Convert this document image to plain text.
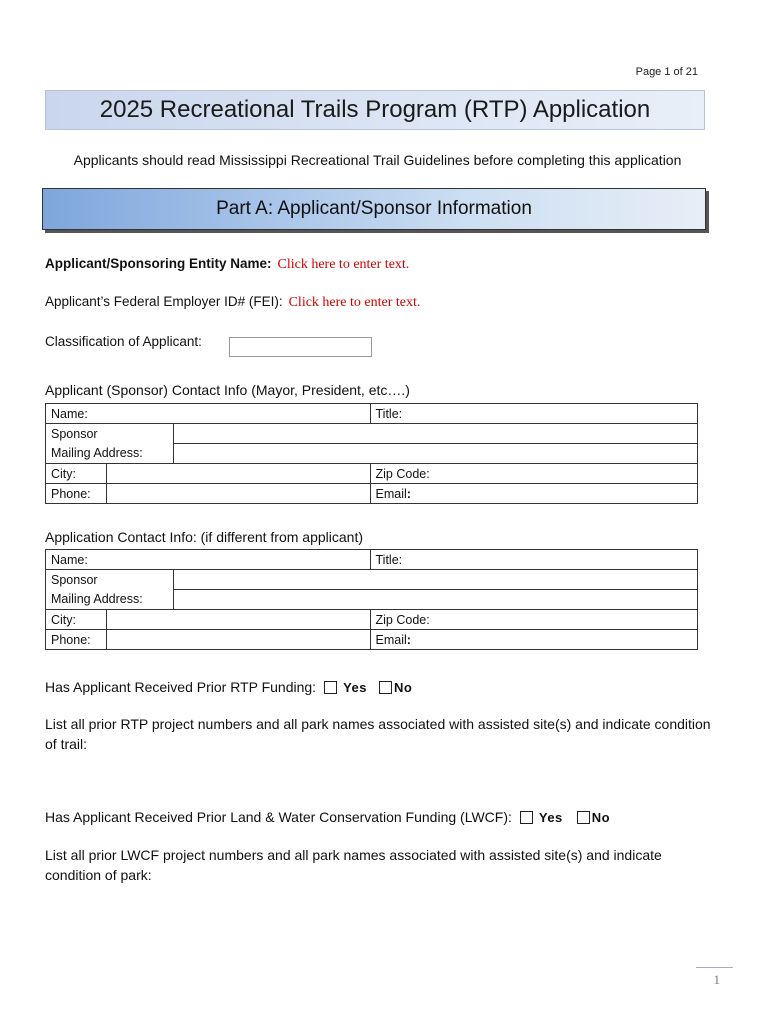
Page 1 of 21
2025 Recreational Trails Program (RTP) Application
Applicants should read Mississippi Recreational Trail Guidelines before completing this application
Part A: Applicant/Sponsor Information
Applicant/Sponsoring Entity Name: Click here to enter text.
Applicant’s Federal Employer ID# (FEI): Click here to enter text.
Classification of Applicant:
Applicant (Sponsor) Contact Info (Mayor, President, etc….)
Name:			Title:
Sponsor			
Mailing Address:			
City:			Zip Code:
Phone:			Email:
Application Contact Info: (if different from applicant)
Name:			Title:
Sponsor			
Mailing Address:			
City:			Zip Code:
Phone:			Email:
Has Applicant Received Prior RTP Funding: Yes No
List all prior RTP project numbers and all park names associated with assisted site(s) and indicate condition of trail:
Has Applicant Received Prior Land & Water Conservation Funding (LWCF): Yes No
List all prior LWCF project numbers and all park names associated with assisted site(s) and indicate condition of park:
1
